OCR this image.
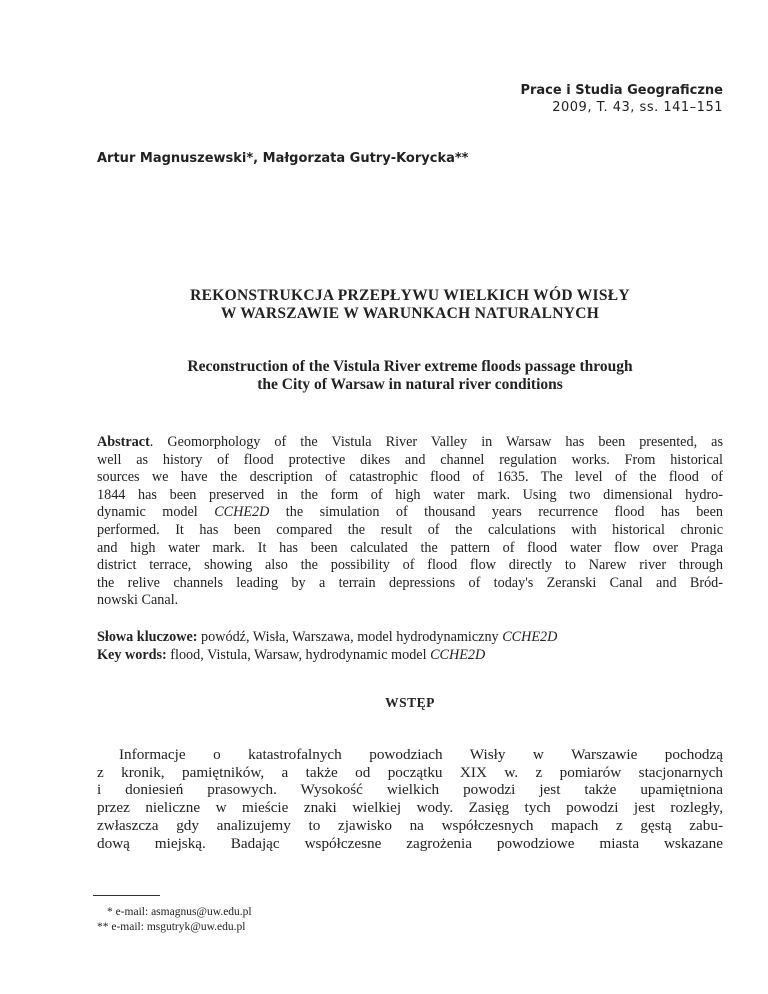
Prace i Studia Geograficzne
2009, T. 43, ss. 141–151
Artur Magnuszewski*, Małgorzata Gutry-Korycka**
REKONSTRUKCJA PRZEPŁYWU WIELKICH WÓD WISŁY
W WARSZAWIE W WARUNKACH NATURALNYCH
Reconstruction of the Vistula River extreme floods passage through
the City of Warsaw in natural river conditions
Abstract. Geomorphology of the Vistula River Valley in Warsaw has been presented, as
well as history of flood protective dikes and channel regulation works. From historical
sources we have the description of catastrophic flood of 1635. The level of the flood of
1844 has been preserved in the form of high water mark. Using two dimensional hydro-
dynamic model CCHE2D the simulation of thousand years recurrence flood has been
performed. It has been compared the result of the calculations with historical chronic
and high water mark. It has been calculated the pattern of flood water flow over Praga
district terrace, showing also the possibility of flood flow directly to Narew river through
the relive channels leading by a terrain depressions of today's Zeranski Canal and Bród-
nowski Canal.
Słowa kluczowe: powódź, Wisła, Warszawa, model hydrodynamiczny CCHE2D
Key words: flood, Vistula, Warsaw, hydrodynamic model CCHE2D
WSTĘP
Informacje o katastrofalnych powodziach Wisły w Warszawie pochodzą
z kronik, pamiętników, a także od początku XIX w. z pomiarów stacjonarnych
i doniesień prasowych. Wysokość wielkich powodzi jest także upamiętniona
przez nieliczne w mieście znaki wielkiej wody. Zasięg tych powodzi jest rozległy,
zwłaszcza gdy analizujemy to zjawisko na współczesnych mapach z gęstą zabu-
dową miejską. Badając współczesne zagrożenia powodziowe miasta wskazane
* e-mail: asmagnus@uw.edu.pl
** e-mail: msgutryk@uw.edu.pl
